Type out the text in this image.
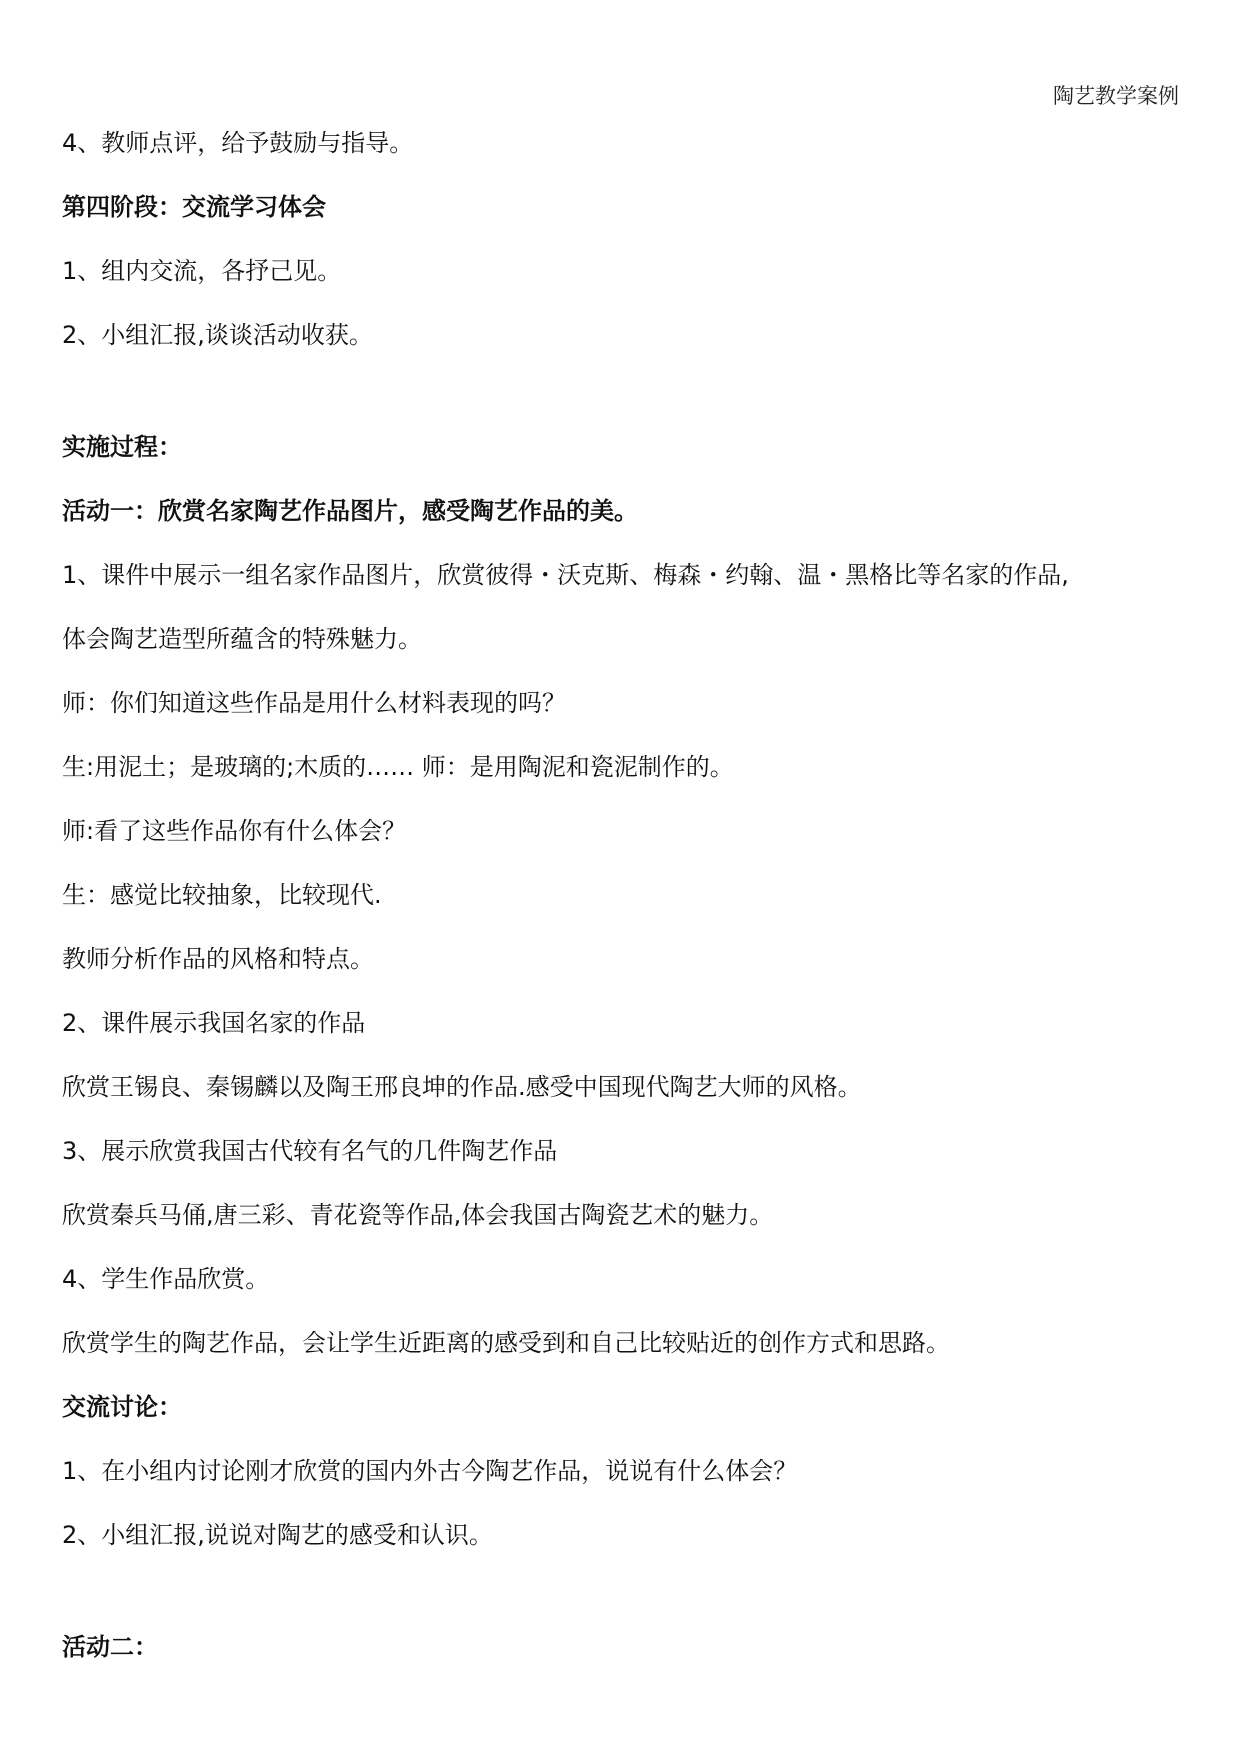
陶艺教学案例
4、教师点评，给予鼓励与指导。
第四阶段：交流学习体会
1、组内交流，各抒己见。
2、小组汇报,谈谈活动收获。
实施过程：
活动一：欣赏名家陶艺作品图片，感受陶艺作品的美。
1、课件中展示一组名家作品图片，欣赏彼得・沃克斯、梅森・约翰、温・黑格比等名家的作品,
体会陶艺造型所蕴含的特殊魅力。
师：你们知道这些作品是用什么材料表现的吗？
生:用泥土；是玻璃的;木质的…… 师：是用陶泥和瓷泥制作的。
师:看了这些作品你有什么体会？
生：感觉比较抽象，比较现代.
教师分析作品的风格和特点。
2、课件展示我国名家的作品
欣赏王锡良、秦锡麟以及陶王邢良坤的作品.感受中国现代陶艺大师的风格。
3、展示欣赏我国古代较有名气的几件陶艺作品
欣赏秦兵马俑,唐三彩、青花瓷等作品,体会我国古陶瓷艺术的魅力。
4、学生作品欣赏。
欣赏学生的陶艺作品，会让学生近距离的感受到和自己比较贴近的创作方式和思路。
交流讨论：
1、在小组内讨论刚才欣赏的国内外古今陶艺作品，说说有什么体会？
2、小组汇报,说说对陶艺的感受和认识。
活动二：
